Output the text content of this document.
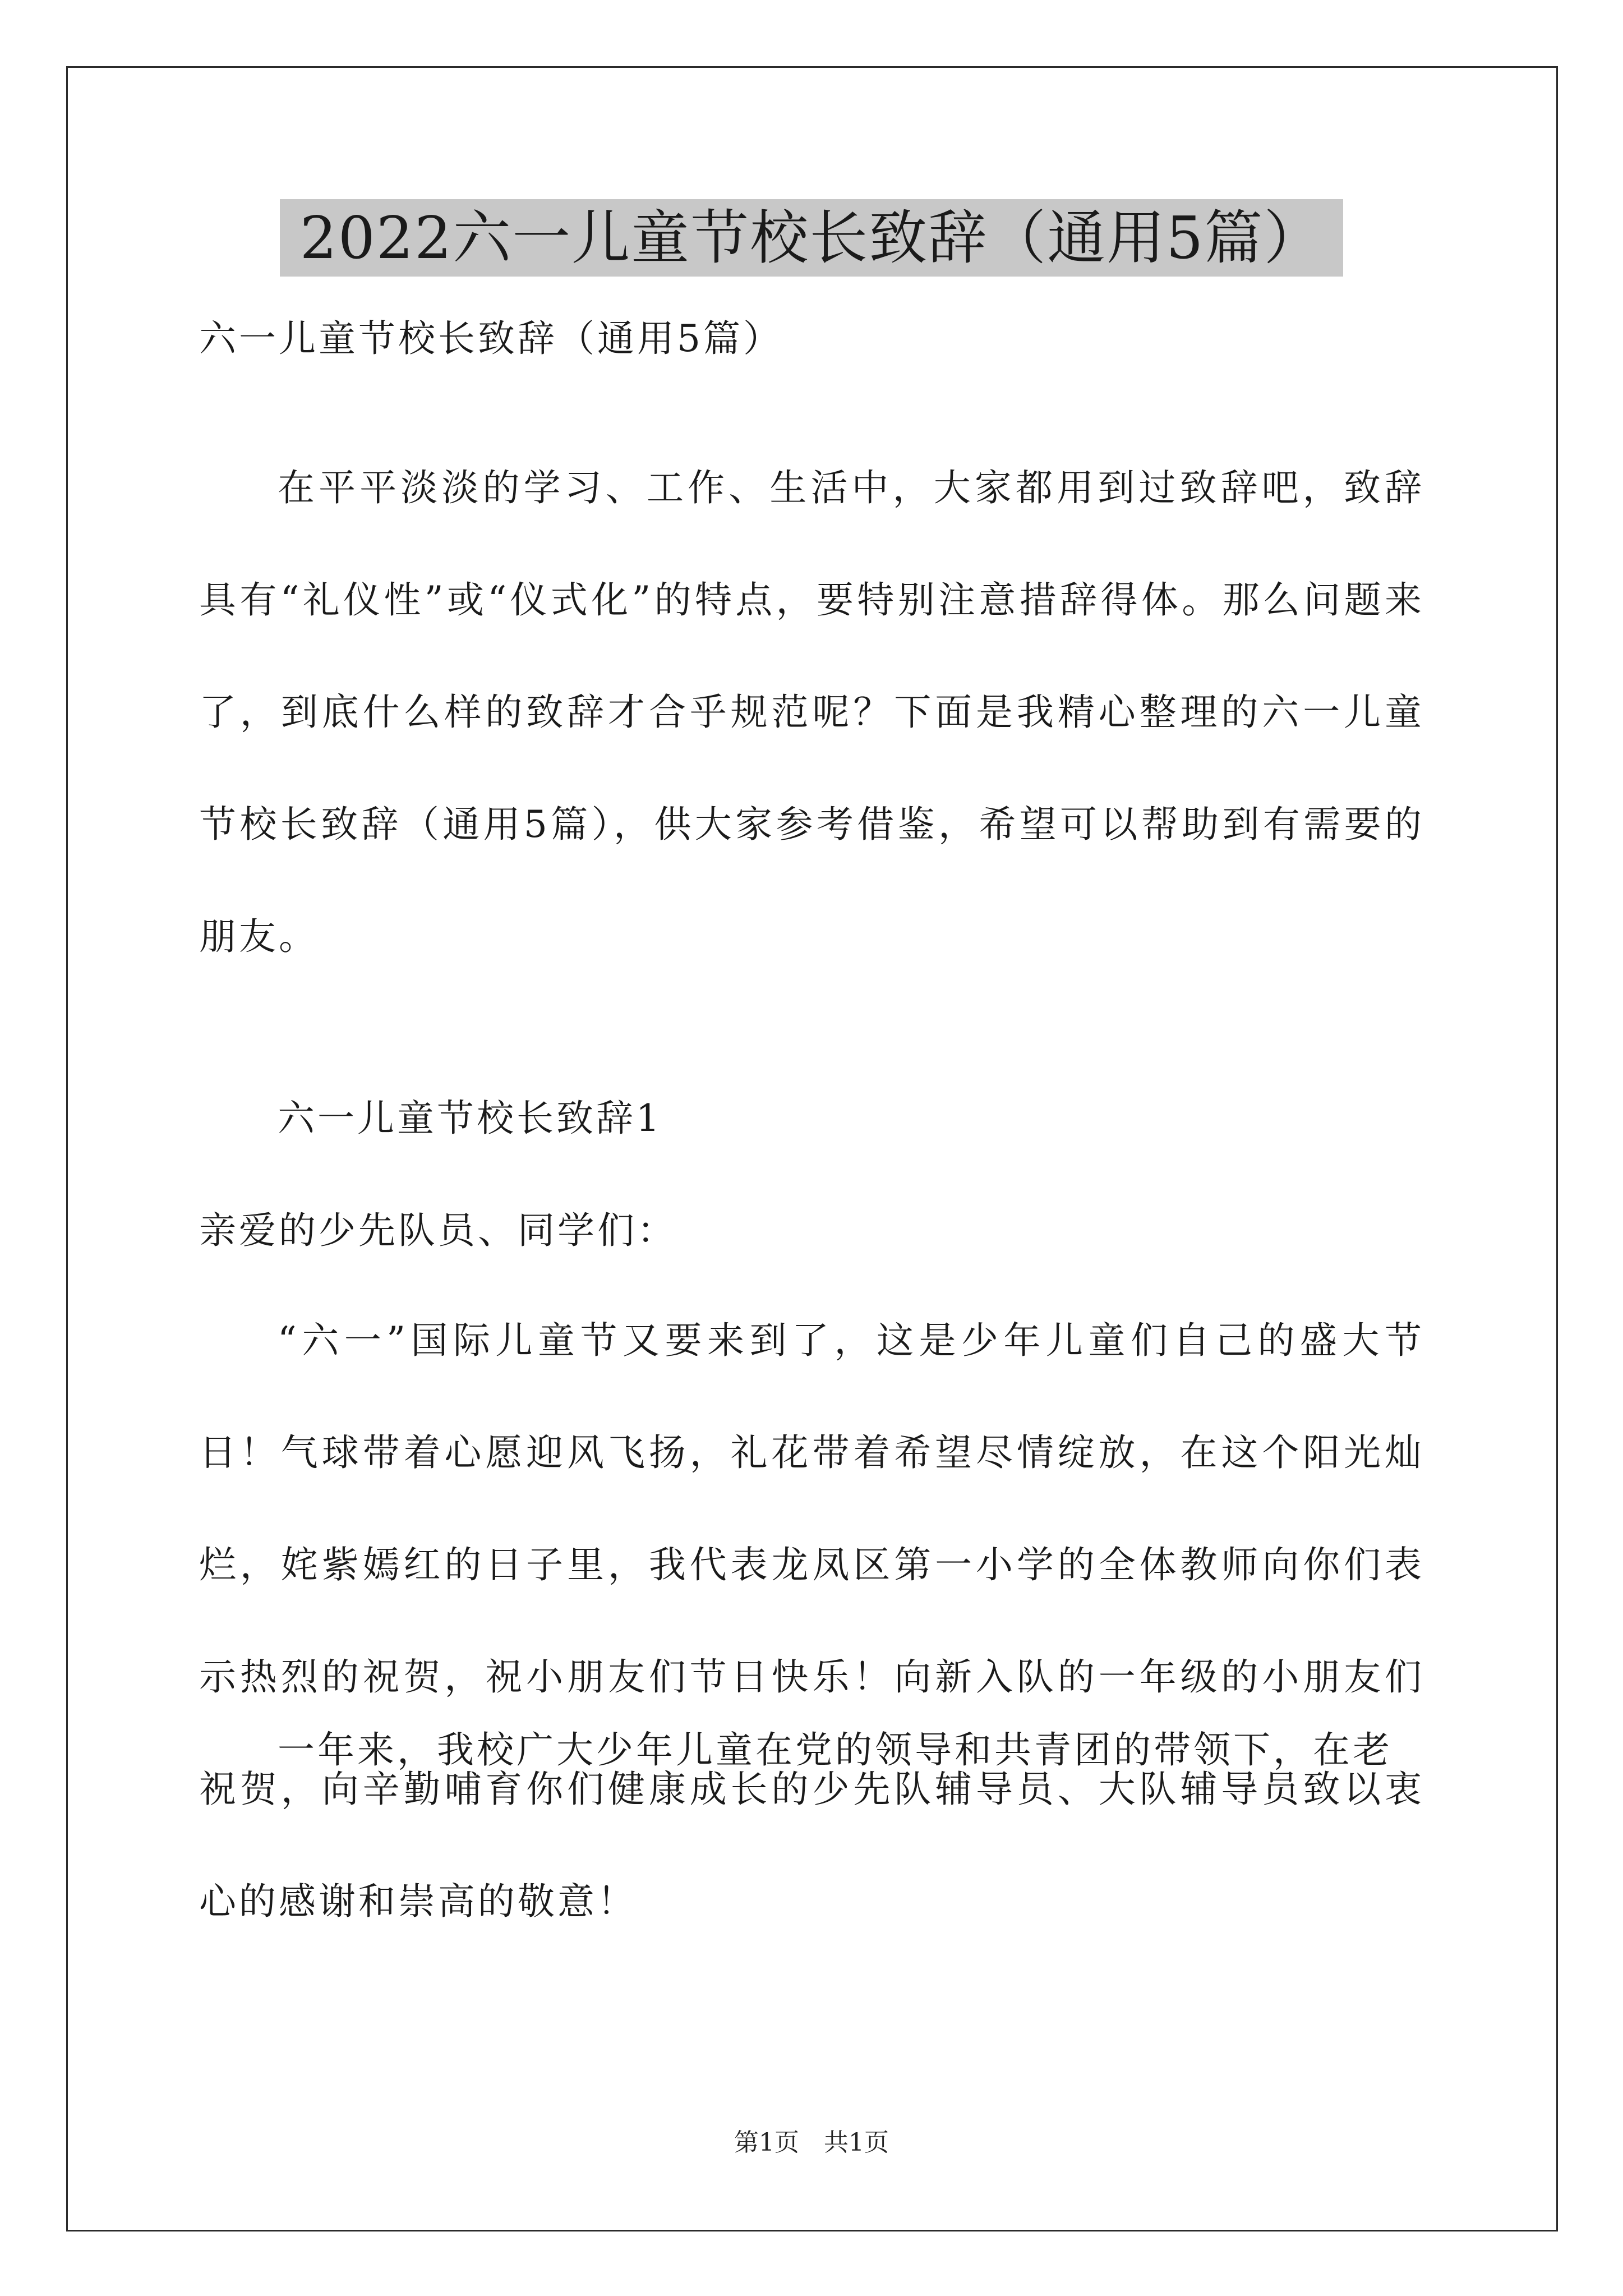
2022六一儿童节校长致辞（通用5篇）
六一儿童节校长致辞（通用5篇）
在平平淡淡的学习、工作、生活中，大家都用到过致辞吧，致辞具有“礼仪性”或“仪式化”的特点，要特别注意措辞得体。那么问题来了，到底什么样的致辞才合乎规范呢？下面是我精心整理的六一儿童节校长致辞（通用5篇），供大家参考借鉴，希望可以帮助到有需要的朋友。
六一儿童节校长致辞1
亲爱的少先队员、同学们：
“六一”国际儿童节又要来到了，这是少年儿童们自己的盛大节日！气球带着心愿迎风飞扬，礼花带着希望尽情绽放，在这个阳光灿烂，姹紫嫣红的日子里，我代表龙凤区第一小学的全体教师向你们表示热烈的祝贺，祝小朋友们节日快乐！向新入队的一年级的小朋友们祝贺，向辛勤哺育你们健康成长的少先队辅导员、大队辅导员致以衷心的感谢和崇高的敬意！
一年来，我校广大少年儿童在党的领导和共青团的带领下，在老
第1页　共1页
